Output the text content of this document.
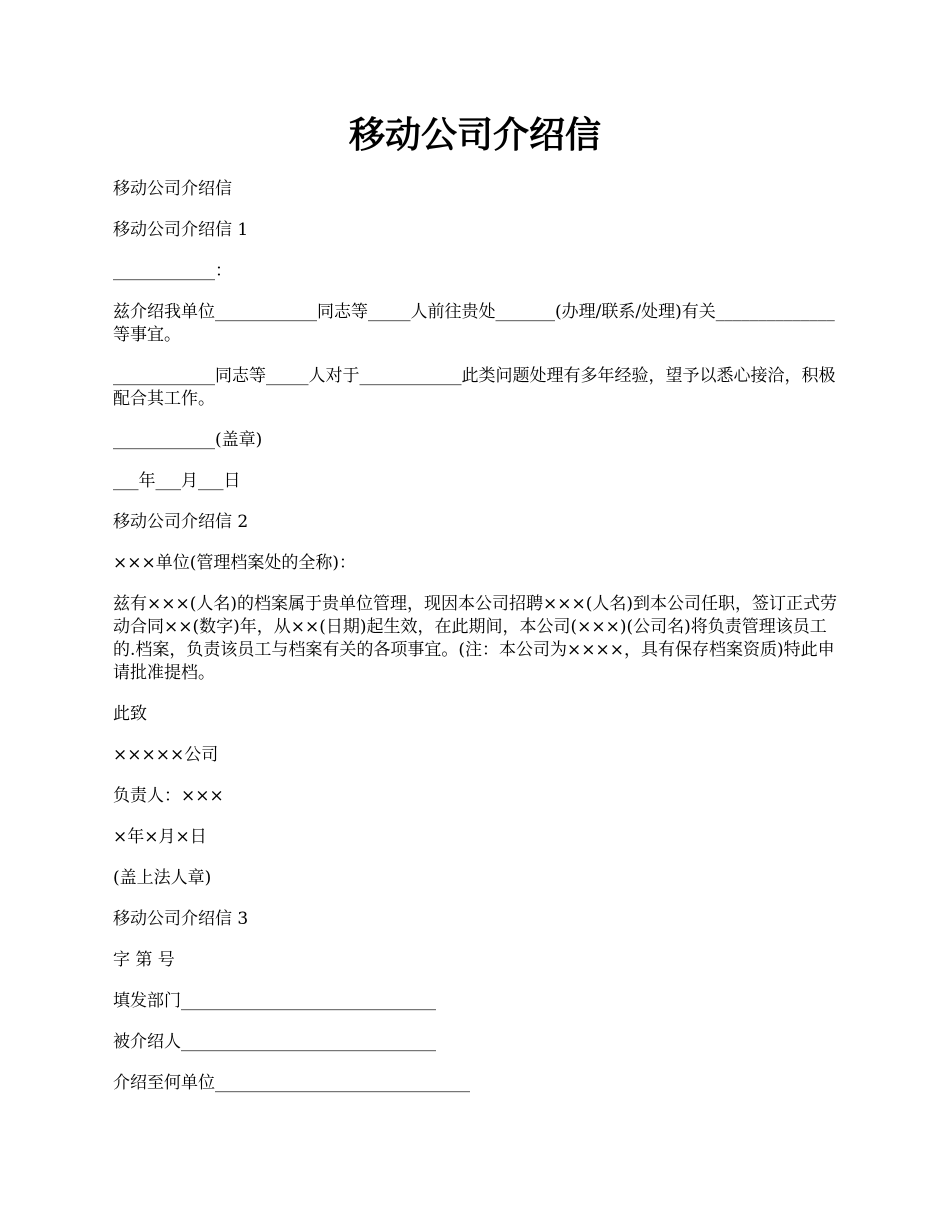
移动公司介绍信

移动公司介绍信

移动公司介绍信 1

____________：

兹介绍我单位____________同志等_____人前往贵处_______(办理/联系/处理)有关______________等事宜。

____________同志等_____人对于____________此类问题处理有多年经验，望予以悉心接洽，积极配合其工作。

____________(盖章)

___年___月___日

移动公司介绍信 2

×××单位(管理档案处的全称)：

兹有×××(人名)的档案属于贵单位管理，现因本公司招聘×××(人名)到本公司任职，签订正式劳动合同××(数字)年，从××(日期)起生效，在此期间，本公司(×××)(公司名)将负责管理该员工的.档案，负责该员工与档案有关的各项事宜。(注：本公司为××××，具有保存档案资质)特此申请批准提档。

此致

×××××公司

负责人：×××

×年×月×日

(盖上法人章)

移动公司介绍信 3

字 第 号

填发部门______________________________

被介绍人______________________________

介绍至何单位______________________________
